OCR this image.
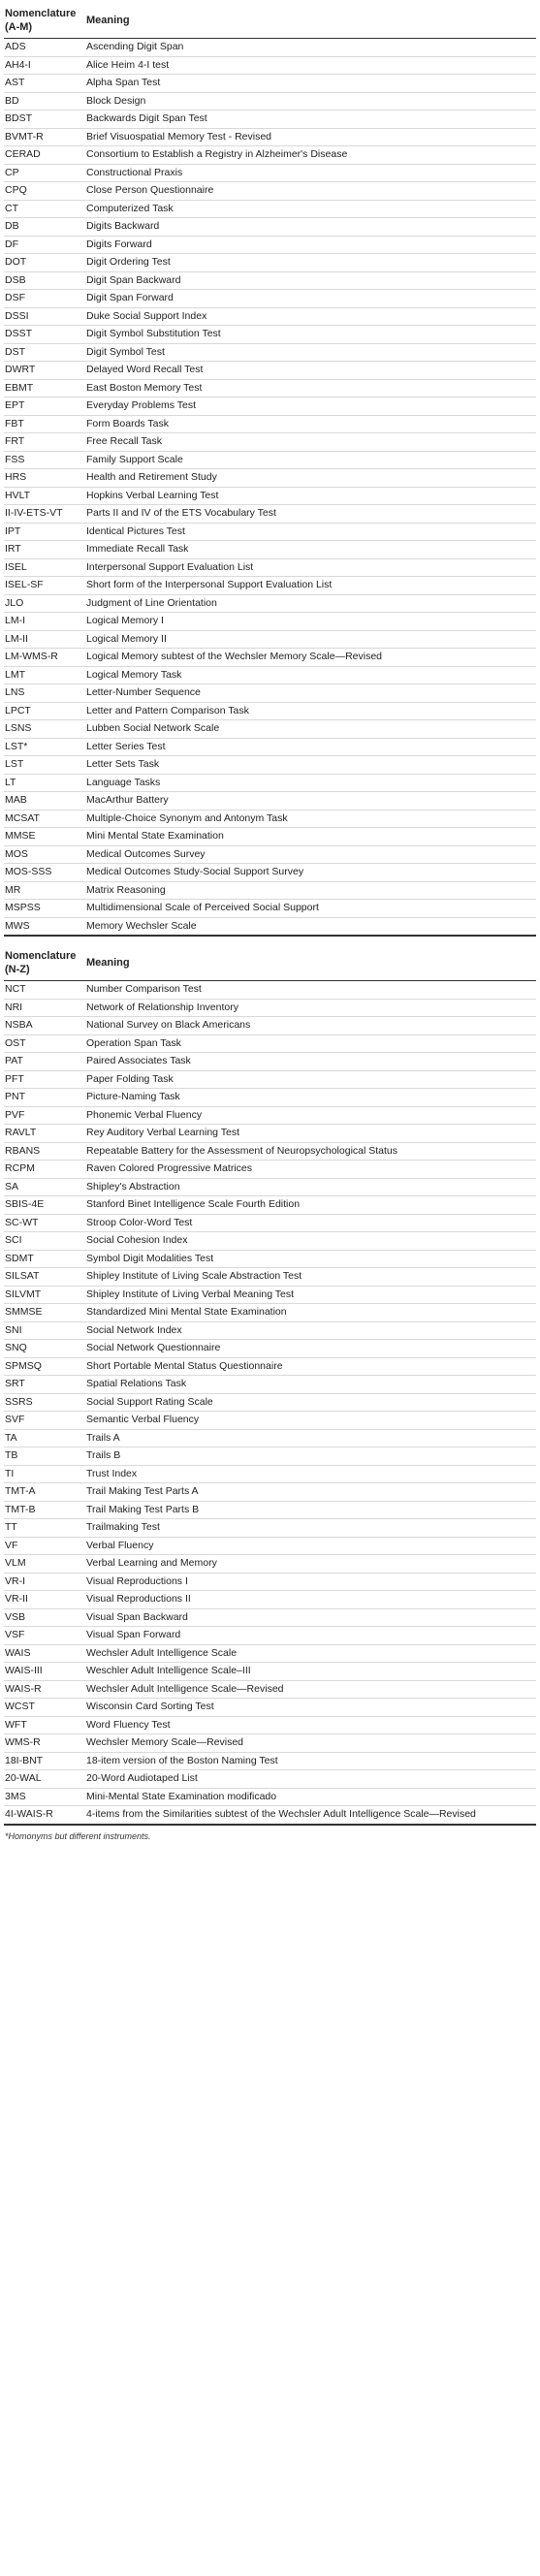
Nomenclature (A-M)	Meaning
ADS	Ascending Digit Span
AH4-I	Alice Heim 4-I test
AST	Alpha Span Test
BD	Block Design
BDST	Backwards Digit Span Test
BVMT-R	Brief Visuospatial Memory Test - Revised
CERAD	Consortium to Establish a Registry in Alzheimer's Disease
CP	Constructional Praxis
CPQ	Close Person Questionnaire
CT	Computerized Task
DB	Digits Backward
DF	Digits Forward
DOT	Digit Ordering Test
DSB	Digit Span Backward
DSF	Digit Span Forward
DSSI	Duke Social Support Index
DSST	Digit Symbol Substitution Test
DST	Digit Symbol Test
DWRT	Delayed Word Recall Test
EBMT	East Boston Memory Test
EPT	Everyday Problems Test
FBT	Form Boards Task
FRT	Free Recall Task
FSS	Family Support Scale
HRS	Health and Retirement Study
HVLT	Hopkins Verbal Learning Test
II-IV-ETS-VT	Parts II and IV of the ETS Vocabulary Test
IPT	Identical Pictures Test
IRT	Immediate Recall Task
ISEL	Interpersonal Support Evaluation List
ISEL-SF	Short form of the Interpersonal Support Evaluation List
JLO	Judgment of Line Orientation
LM-I	Logical Memory I
LM-II	Logical Memory II
LM-WMS-R	Logical Memory subtest of the Wechsler Memory Scale—Revised
LMT	Logical Memory Task
LNS	Letter-Number Sequence
LPCT	Letter and Pattern Comparison Task
LSNS	Lubben Social Network Scale
LST*	Letter Series Test
LST	Letter Sets Task
LT	Language Tasks
MAB	MacArthur Battery
MCSAT	Multiple-Choice Synonym and Antonym Task
MMSE	Mini Mental State Examination
MOS	Medical Outcomes Survey
MOS-SSS	Medical Outcomes Study-Social Support Survey
MR	Matrix Reasoning
MSPSS	Multidimensional Scale of Perceived Social Support
MWS	Memory Wechsler Scale
Nomenclature (N-Z)	Meaning
NCT	Number Comparison Test
NRI	Network of Relationship Inventory
NSBA	National Survey on Black Americans
OST	Operation Span Task
PAT	Paired Associates Task
PFT	Paper Folding Task
PNT	Picture-Naming Task
PVF	Phonemic Verbal Fluency
RAVLT	Rey Auditory Verbal Learning Test
RBANS	Repeatable Battery for the Assessment of Neuropsychological Status
RCPM	Raven Colored Progressive Matrices
SA	Shipley's Abstraction
SBIS-4E	Stanford Binet Intelligence Scale Fourth Edition
SC-WT	Stroop Color-Word Test
SCI	Social Cohesion Index
SDMT	Symbol Digit Modalities Test
SILSAT	Shipley Institute of Living Scale Abstraction Test
SILVMT	Shipley Institute of Living Verbal Meaning Test
SMMSE	Standardized Mini Mental State Examination
SNI	Social Network Index
SNQ	Social Network Questionnaire
SPMSQ	Short Portable Mental Status Questionnaire
SRT	Spatial Relations Task
SSRS	Social Support Rating Scale
SVF	Semantic Verbal Fluency
TA	Trails A
TB	Trails B
TI	Trust Index
TMT-A	Trail Making Test Parts A
TMT-B	Trail Making Test Parts B
TT	Trailmaking Test
VF	Verbal Fluency
VLM	Verbal Learning and Memory
VR-I	Visual Reproductions I
VR-II	Visual Reproductions II
VSB	Visual Span Backward
VSF	Visual Span Forward
WAIS	Wechsler Adult Intelligence Scale
WAIS-III	Weschler Adult Intelligence Scale–III
WAIS-R	Wechsler Adult Intelligence Scale—Revised
WCST	Wisconsin Card Sorting Test
WFT	Word Fluency Test
WMS-R	Wechsler Memory Scale—Revised
18I-BNT	18-item version of the Boston Naming Test
20-WAL	20-Word Audiotaped List
3MS	Mini-Mental State Examination modificado
4I-WAIS-R	4-items from the Similarities subtest of the Wechsler Adult Intelligence Scale—Revised
*Homonyms but different instruments.
